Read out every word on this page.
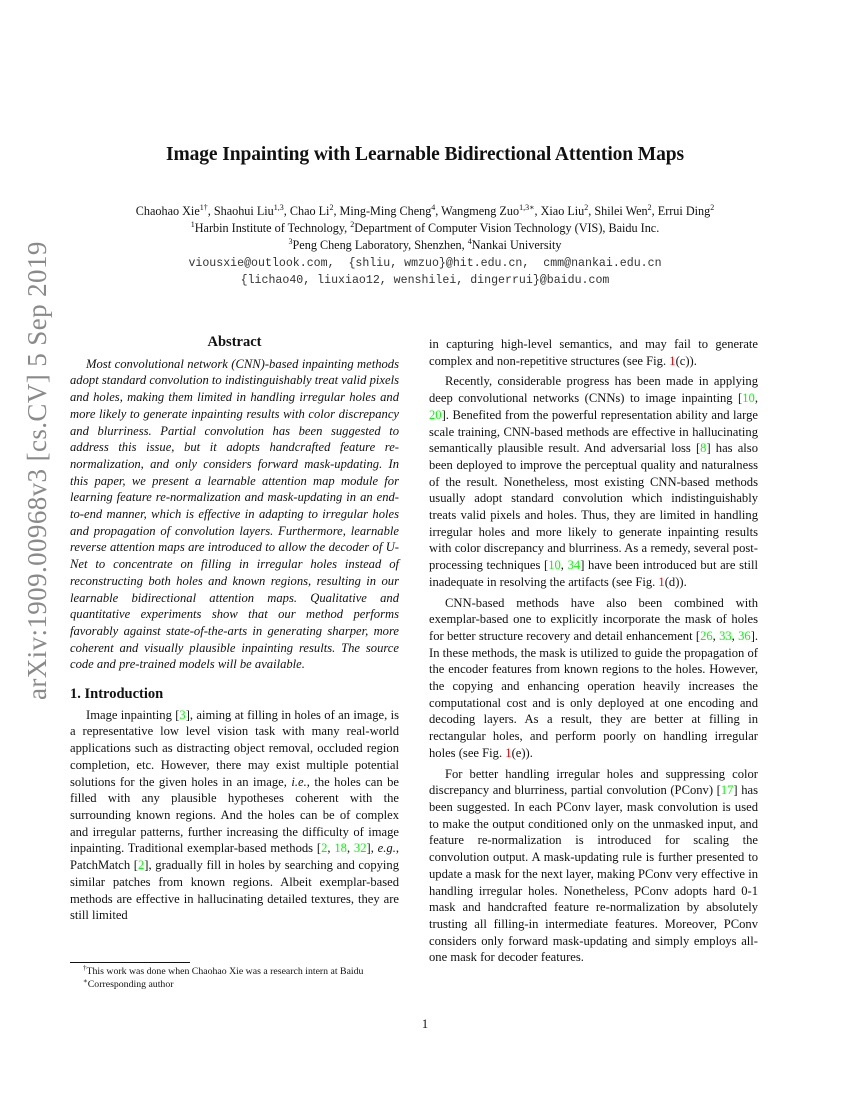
arXiv:1909.00968v3 [cs.CV] 5 Sep 2019
Image Inpainting with Learnable Bidirectional Attention Maps
Chaohao Xie$^{1\dagger}$, Shaohui Liu$^{1,3}$, Chao Li$^2$, Ming-Ming Cheng$^4$, Wangmeng Zuo$^{1,3∗}$, Xiao Liu$^2$, Shilei Wen$^2$, Errui Ding$^2$
$^1$Harbin Institute of Technology, $^2$Department of Computer Vision Technology (VIS), Baidu Inc.
$^3$Peng Cheng Laboratory, Shenzhen, $^4$Nankai University
viousxie@outlook.com,  {shliu, wmzuo}@hit.edu.cn,  cmm@nankai.edu.cn
{lichao40, liuxiao12, wenshilei, dingerrui}@baidu.com
Abstract

Most convolutional network (CNN)-based inpainting methods adopt standard convolution to indistinguishably treat valid pixels and holes, making them limited in handling irregular holes and more likely to generate inpainting results with color discrepancy and blurriness. Partial convolution has been suggested to address this issue, but it adopts handcrafted feature re-normalization, and only considers forward mask-updating. In this paper, we present a learnable attention map module for learning feature re-normalization and mask-updating in an end-to-end manner, which is effective in adapting to irregular holes and propagation of convolution layers. Furthermore, learnable reverse attention maps are introduced to allow the decoder of U-Net to concentrate on filling in irregular holes instead of reconstructing both holes and known regions, resulting in our learnable bidirectional attention maps. Qualitative and quantitative experiments show that our method performs favorably against state-of-the-arts in generating sharper, more coherent and visually plausible inpainting results. The source code and pre-trained models will be available.

1. Introduction

Image inpainting [3], aiming at filling in holes of an image, is a representative low level vision task with many real-world applications such as distracting object removal, occluded region completion, etc. However, there may exist multiple potential solutions for the given holes in an image, i.e., the holes can be filled with any plausible hypotheses coherent with the surrounding known regions. And the holes can be of complex and irregular patterns, further increasing the difficulty of image inpainting. Traditional exemplar-based methods [2, 18, 32], e.g., PatchMatch [2], gradually fill in holes by searching and copying similar patches from known regions. Albeit exemplar-based methods are effective in hallucinating detailed textures, they are still limited

in capturing high-level semantics, and may fail to generate complex and non-repetitive structures (see Fig. 1(c)).

Recently, considerable progress has been made in applying deep convolutional networks (CNNs) to image inpainting [10, 20]. Benefited from the powerful representation ability and large scale training, CNN-based methods are effective in hallucinating semantically plausible result. And adversarial loss [8] has also been deployed to improve the perceptual quality and naturalness of the result. Nonetheless, most existing CNN-based methods usually adopt standard convolution which indistinguishably treats valid pixels and holes. Thus, they are limited in handling irregular holes and more likely to generate inpainting results with color discrepancy and blurriness. As a remedy, several post-processing techniques [10, 34] have been introduced but are still inadequate in resolving the artifacts (see Fig. 1(d)).

CNN-based methods have also been combined with exemplar-based one to explicitly incorporate the mask of holes for better structure recovery and detail enhancement [26, 33, 36]. In these methods, the mask is utilized to guide the propagation of the encoder features from known regions to the holes. However, the copying and enhancing operation heavily increases the computational cost and is only deployed at one encoding and decoding layers. As a result, they are better at filling in rectangular holes, and perform poorly on handling irregular holes (see Fig. 1(e)).

For better handling irregular holes and suppressing color discrepancy and blurriness, partial convolution (PConv) [17] has been suggested. In each PConv layer, mask convolution is used to make the output conditioned only on the unmasked input, and feature re-normalization is introduced for scaling the convolution output. A mask-updating rule is further presented to update a mask for the next layer, making PConv very effective in handling irregular holes. Nonetheless, PConv adopts hard 0-1 mask and handcrafted feature re-normalization by absolutely trusting all filling-in intermediate features. Moreover, PConv considers only forward mask-updating and simply employs all-one mask for decoder features.

†This work was done when Chaohao Xie was a research intern at Baidu
∗Corresponding author
1
